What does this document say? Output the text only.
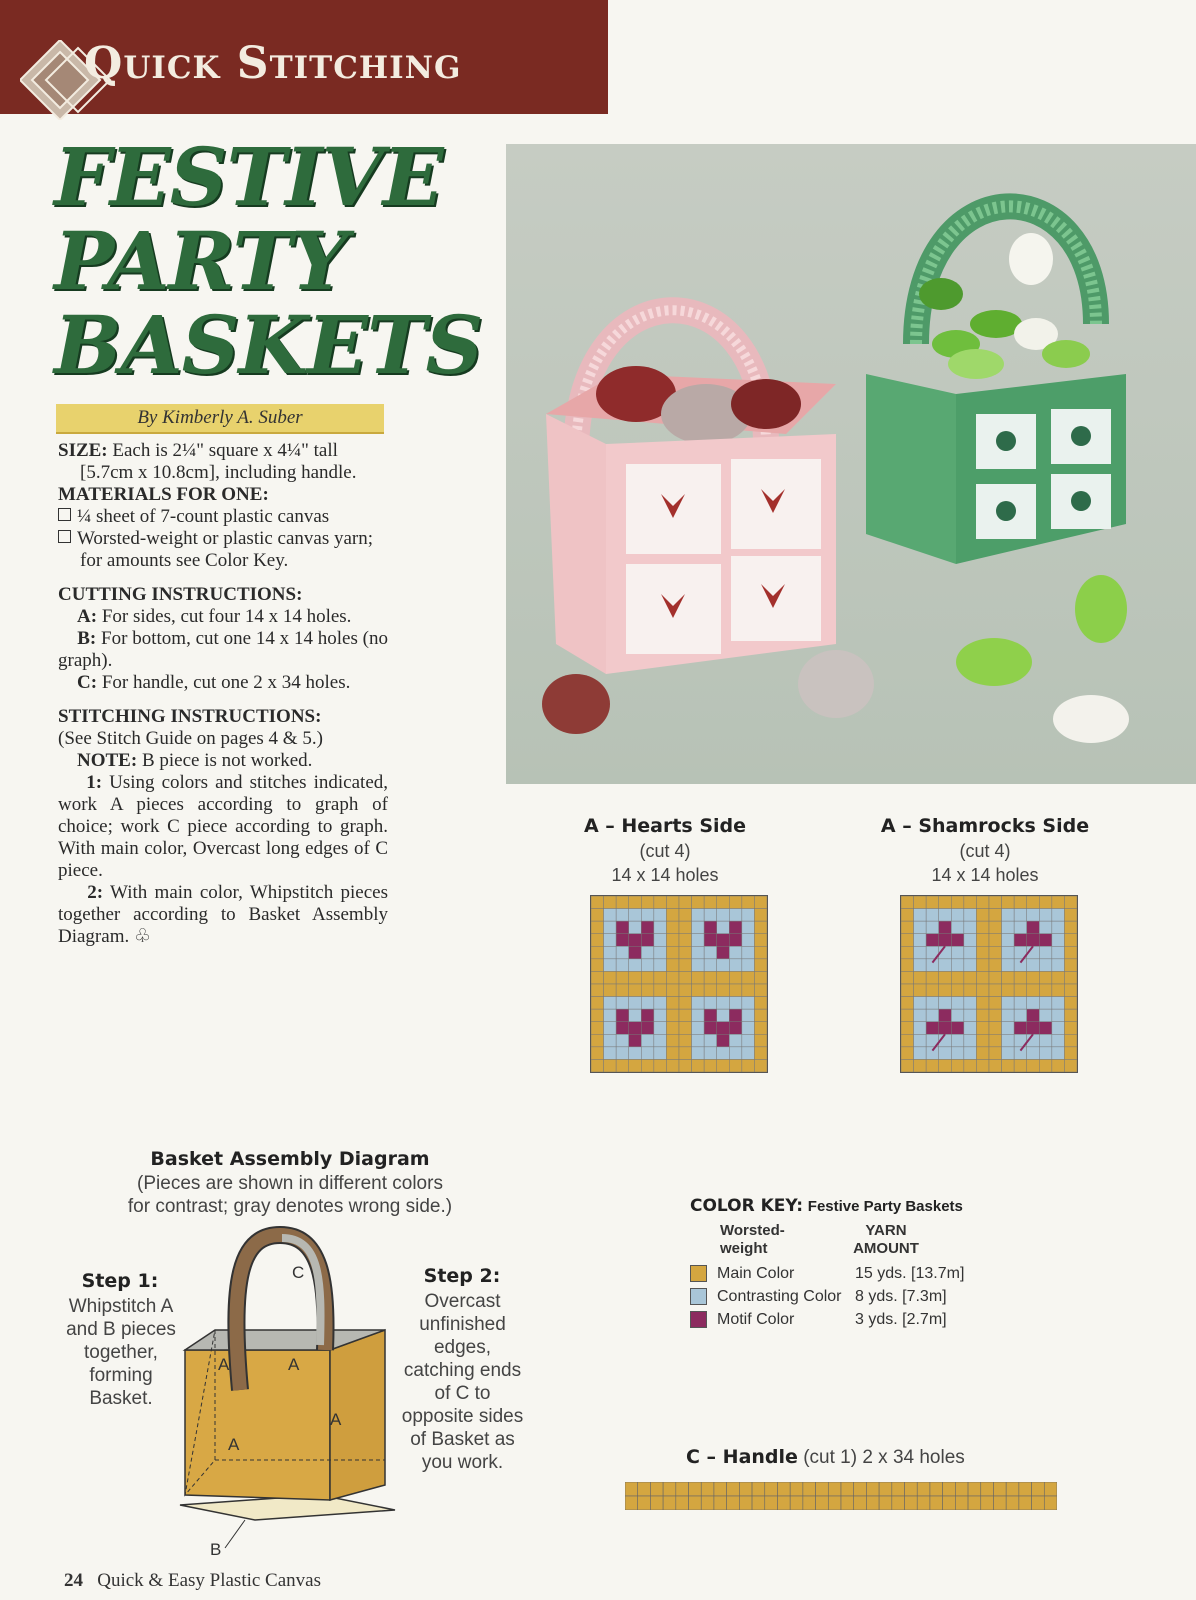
Quick Stitching
FESTIVE
PARTY
BASKETS
By Kimberly A. Suber
SIZE: Each is 2¼" square x 4¼" tall [5.7cm x 10.8cm], including handle.
MATERIALS FOR ONE:
¼ sheet of 7-count plastic canvas
Worsted-weight or plastic canvas yarn; for amounts see Color Key.
CUTTING INSTRUCTIONS:
A: For sides, cut four 14 x 14 holes.
B: For bottom, cut one 14 x 14 holes (no graph).
C: For handle, cut one 2 x 34 holes.
STITCHING INSTRUCTIONS:
(See Stitch Guide on pages 4 & 5.)
NOTE: B piece is not worked.
1: Using colors and stitches indicated, work A pieces according to graph of choice; work C piece according to graph. With main color, Overcast long edges of C piece.
2: With main color, Whipstitch pieces together according to Basket Assembly Diagram. ♧
A – Hearts Side
(cut 4)
14 x 14 holes
A – Shamrocks Side
(cut 4)
14 x 14 holes
Basket Assembly Diagram
(Pieces are shown in different colors
for contrast; gray denotes wrong side.)
Step 1:
Whipstitch A and B pieces together, forming Basket.
Step 2:
Overcast unfinished edges, catching ends of C to opposite sides of Basket as you work.
A	A
A
A
C
B
COLOR KEY: Festive Party Baskets
Worsted-weight
YARN AMOUNT
Main Color	15 yds. [13.7m]
Contrasting Color 8 yds. [7.3m]
Motif Color	3 yds. [2.7m]
C – Handle (cut 1) 2 x 34 holes
24 Quick & Easy Plastic Canvas
